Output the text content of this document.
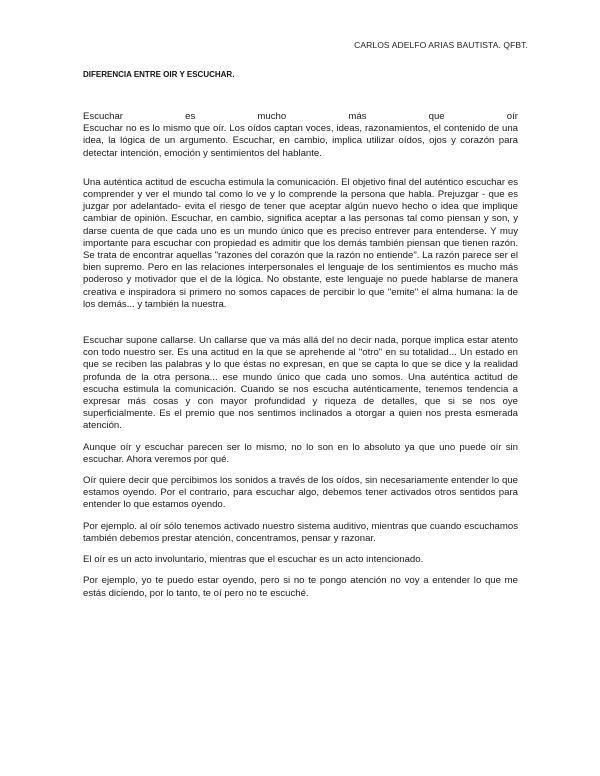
CARLOS ADELFO ARIAS BAUTISTA. QFBT.
DIFERENCIA ENTRE OIR Y ESCUCHAR.
Escuchar	es	mucho	más	que	oír

Escuchar no es lo mismo que oír. Los oídos captan voces, ideas, razonamientos, el contenido de una idea, la lógica de un argumento. Escuchar, en cambio, implica utilizar oídos, ojos y corazón para detectar intención, emoción y sentimientos del hablante.

Una auténtica actitud de escucha estimula la comunicación. El objetivo final del auténtico escuchar es comprender y ver el mundo tal como lo ve y lo comprende la persona que habla. Prejuzgar - que es juzgar por adelantado- evita el riesgo de tener que aceptar algún nuevo hecho o idea que implique cambiar de opinión. Escuchar, en cambio, significa aceptar a las personas tal como piensan y son, y darse cuenta de que cada uno es un mundo único que es preciso entrever para entenderse. Y muy importante para escuchar con propiedad es admitir que los demás también piensan que tienen razón. Se trata de encontrar aquellas "razones del corazón que la razón no entiende". La razón parece ser el bien supremo. Pero en las relaciones interpersonales el lenguaje de los sentimientos es mucho más poderoso y motivador que el de la lógica. No obstante, este lenguaje no puede hablarse de manera creativa e inspiradora si primero no somos capaces de percibir lo que "emite" el alma humana: la de los demás... y también la nuestra.

Escuchar supone callarse. Un callarse que va más allá del no decir nada, porque implica estar atento con todo nuestro ser. Es una actitud en la que se aprehende al "otro" en su totalidad... Un estado en que se reciben las palabras y lo que éstas no expresan, en que se capta lo que se dice y la realidad profunda de la otra persona... ese mundo único que cada uno somos. Una auténtica actitud de escucha estimula la comunicación. Cuando se nos escucha auténticamente, tenemos tendencia a expresar más cosas y con mayor profundidad y riqueza de detalles, que si se nos oye superficialmente. Es el premio que nos sentimos inclinados a otorgar a quien nos presta esmerada atención.

Aunque oír y escuchar parecen ser lo mismo, no lo son en lo absoluto ya que uno puede oír sin escuchar. Ahora veremos por qué.

Oír quiere decir que percibimos los sonidos a través de los oídos, sin necesariamente entender lo que estamos oyendo. Por el contrario, para escuchar algo, debemos tener activados otros sentidos para entender lo que estamos oyendo.

Por ejemplo. al oír sólo tenemos activado nuestro sistema auditivo, mientras que cuando escuchamos también debemos prestar atención, concentramos, pensar y razonar.

El oír es un acto involuntario, mientras que el escuchar es un acto intencionado.

Por ejemplo, yo te puedo estar oyendo, pero si no te pongo atención no voy a entender lo que me estás diciendo, por lo tanto, te oí pero no te escuché.
